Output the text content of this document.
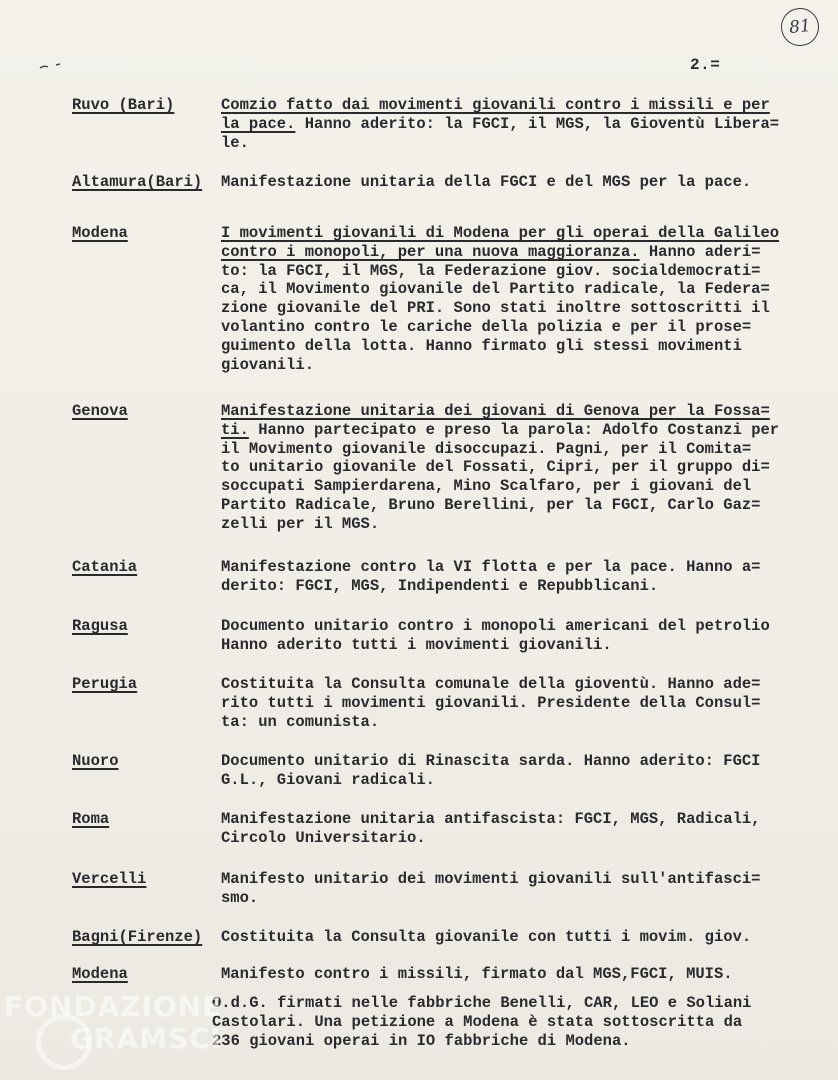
81
2.=
Ruvo (Bari)	Comzio fatto dai movimenti giovanili contro i missili e per
la pace. Hanno aderito: la FGCI, il MGS, la Gioventù Libera=
le.
Altamura(Bari) Manifestazione unitaria della FGCI e del MGS per la pace.
Modena	I movimenti giovanili di Modena per gli operai della Galileo
contro i monopoli, per una nuova maggioranza. Hanno aderi=
to: la FGCI, il MGS, la Federazione giov. socialdemocrati=
ca, il Movimento giovanile del Partito radicale, la Federa=
zione giovanile del PRI. Sono stati inoltre sottoscritti il
volantino contro le cariche della polizia e per il prose=
guimento della lotta. Hanno firmato gli stessi movimenti
giovanili.
Genova	Manifestazione unitaria dei giovani di Genova per la Fossa=
ti. Hanno partecipato e preso la parola: Adolfo Costanzi per
il Movimento giovanile disoccupazi. Pagni, per il Comita=
to unitario giovanile del Fossati, Cipri, per il gruppo di=
soccupati Sampierdarena, Mino Scalfaro, per i giovani del
Partito Radicale, Bruno Berellini, per la FGCI, Carlo Gaz=
zelli per il MGS.
Catania	Manifestazione contro la VI flotta e per la pace. Hanno a=
derito: FGCI, MGS, Indipendenti e Repubblicani.
Ragusa	Documento unitario contro i monopoli americani del petrolio
Hanno aderito tutti i movimenti giovanili.
Perugia	Costituita la Consulta comunale della gioventù. Hanno ade=
rito tutti i movimenti giovanili. Presidente della Consul=
ta: un comunista.
Nuoro	Documento unitario di Rinascita sarda. Hanno aderito: FGCI
G.L., Giovani radicali.
Roma	Manifestazione unitaria antifascista: FGCI, MGS, Radicali,
Circolo Universitario.
Vercelli	Manifesto unitario dei movimenti giovanili sull'antifasci=
smo.
Bagni(Firenze) Costituita la Consulta giovanile con tutti i movim. giov.
Modena	Manifesto contro i missili, firmato dal MGS,FGCI, MUIS.
O.d.G. firmati nelle fabbriche Benelli, CAR, LEO e Soliani
Castolari. Una petizione a Modena è stata sottoscritta da
236 giovani operai in IO fabbriche di Modena.
FONDAZIONE
GRAMSCI
